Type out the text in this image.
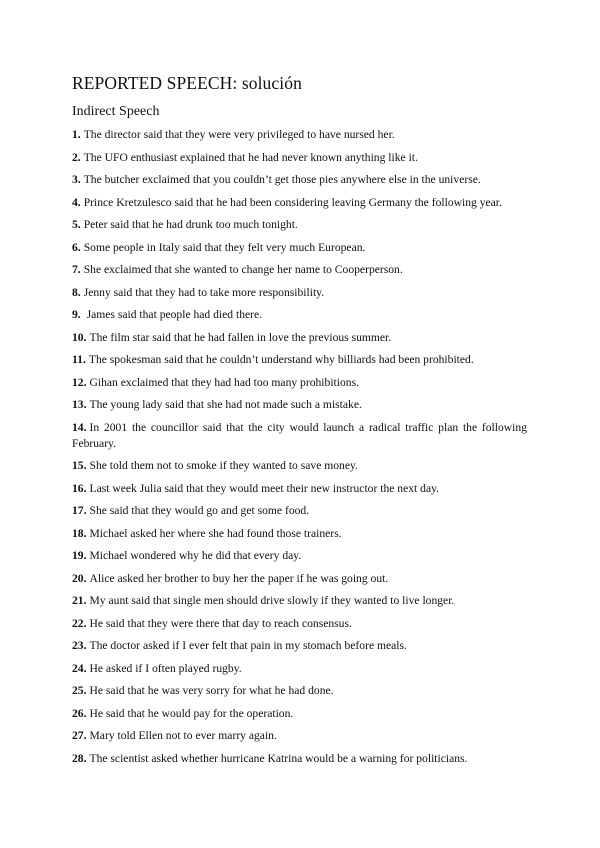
REPORTED SPEECH: solución
Indirect Speech
1. The director said that they were very privileged to have nursed her.
2. The UFO enthusiast explained that he had never known anything like it.
3. The butcher exclaimed that you couldn’t get those pies anywhere else in the universe.
4. Prince Kretzulesco said that he had been considering leaving Germany the following year.
5. Peter said that he had drunk too much tonight.
6. Some people in Italy said that they felt very much European.
7. She exclaimed that she wanted to change her name to Cooperperson.
8. Jenny said that they had to take more responsibility.
9. James said that people had died there.
10. The film star said that he had fallen in love the previous summer.
11. The spokesman said that he couldn’t understand why billiards had been prohibited.
12. Gihan exclaimed that they had had too many prohibitions.
13. The young lady said that she had not made such a mistake.
14. In 2001 the councillor said that the city would launch a radical traffic plan the following February.
15. She told them not to smoke if they wanted to save money.
16. Last week Julia said that they would meet their new instructor the next day.
17. She said that they would go and get some food.
18. Michael asked her where she had found those trainers.
19. Michael wondered why he did that every day.
20. Alice asked her brother to buy her the paper if he was going out.
21. My aunt said that single men should drive slowly if they wanted to live longer.
22. He said that they were there that day to reach consensus.
23. The doctor asked if I ever felt that pain in my stomach before meals.
24. He asked if I often played rugby.
25. He said that he was very sorry for what he had done.
26. He said that he would pay for the operation.
27. Mary told Ellen not to ever marry again.
28. The scientist asked whether hurricane Katrina would be a warning for politicians.
